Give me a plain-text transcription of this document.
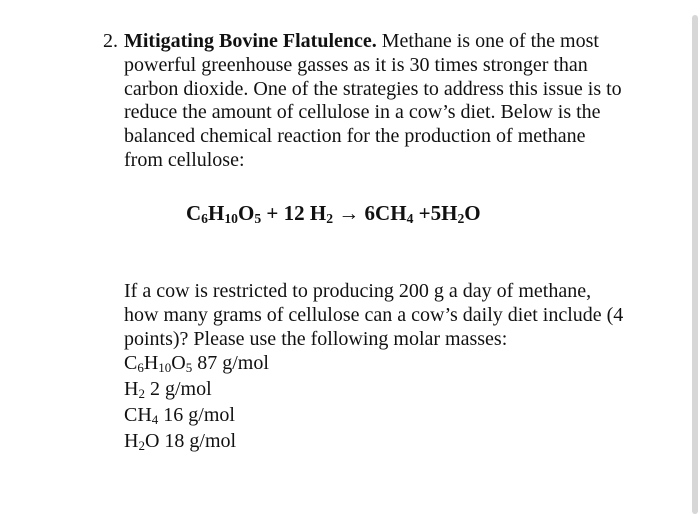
2. Mitigating Bovine Flatulence. Methane is one of the most powerful greenhouse gasses as it is 30 times stronger than carbon dioxide. One of the strategies to address this issue is to reduce the amount of cellulose in a cow’s diet. Below is the balanced chemical reaction for the production of methane from cellulose:
$C_6H_{10}O_5 + 12$ $H_2 \to 6CH_4 +5H_2O$
If a cow is restricted to producing 200 g a day of methane, how many grams of cellulose can a cow’s daily diet include (4 points)? Please use the following molar masses:
$C_6H_{10}O_5$ 87 g/mol
$H_2$ 2 g/mol
$CH_4$ 16 g/mol
$H_2O$ 18 g/mol
